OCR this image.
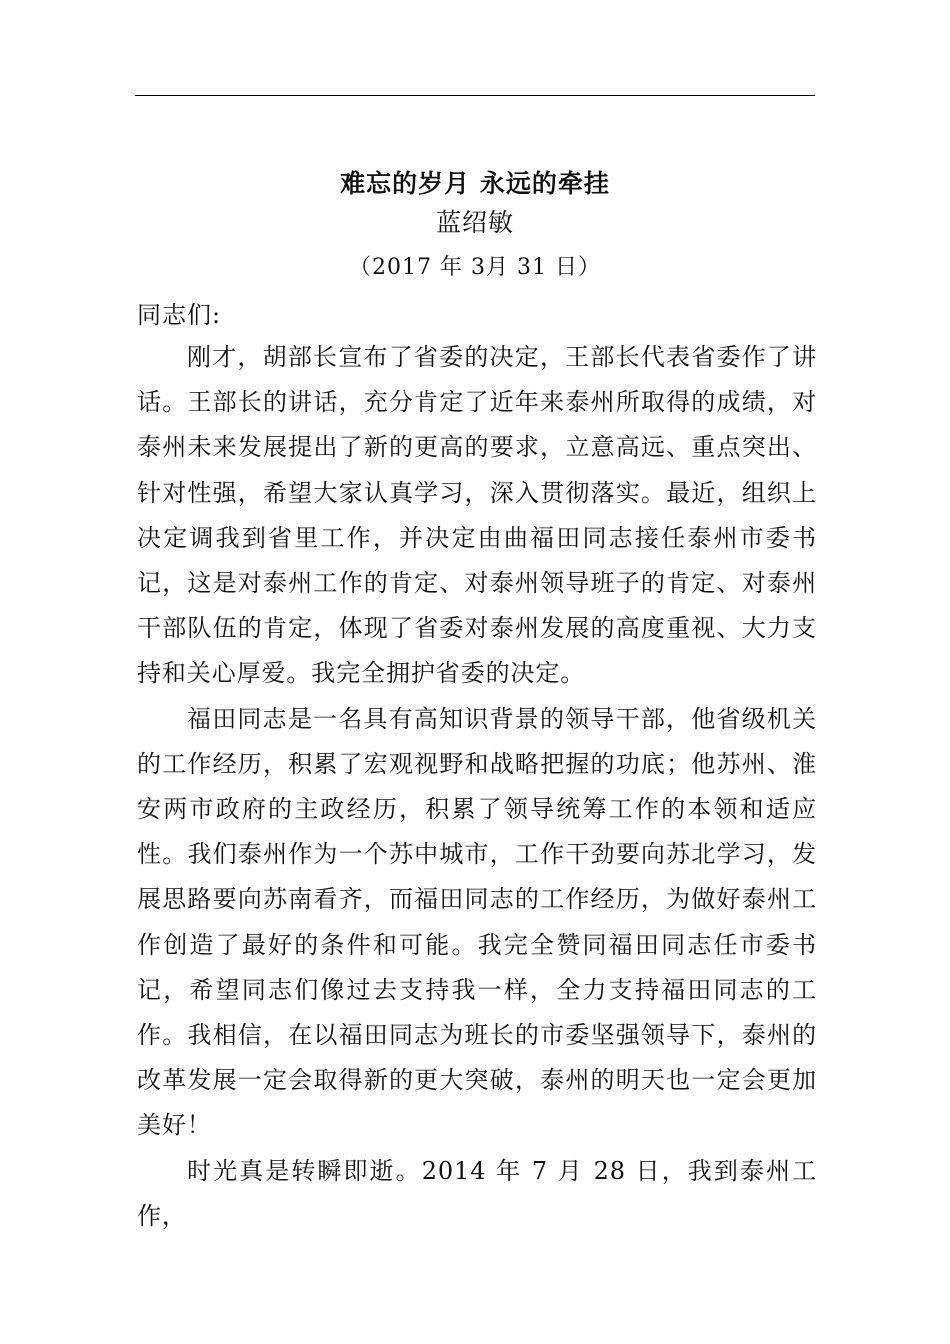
难忘的岁月 永远的牵挂
蓝绍敏
（2017 年 3月 31 日）
同志们:

刚才，胡部长宣布了省委的决定，王部长代表省委作了讲话。王部长的讲话，充分肯定了近年来泰州所取得的成绩，对泰州未来发展提出了新的更高的要求，立意高远、重点突出、针对性强，希望大家认真学习，深入贯彻落实。最近，组织上决定调我到省里工作，并决定由曲福田同志接任泰州市委书记，这是对泰州工作的肯定、对泰州领导班子的肯定、对泰州干部队伍的肯定，体现了省委对泰州发展的高度重视、大力支持和关心厚爱。我完全拥护省委的决定。

福田同志是一名具有高知识背景的领导干部，他省级机关的工作经历，积累了宏观视野和战略把握的功底；他苏州、淮安两市政府的主政经历，积累了领导统筹工作的本领和适应性。我们泰州作为一个苏中城市，工作干劲要向苏北学习，发展思路要向苏南看齐，而福田同志的工作经历，为做好泰州工作创造了最好的条件和可能。我完全赞同福田同志任市委书记，希望同志们像过去支持我一样，全力支持福田同志的工作。我相信，在以福田同志为班长的市委坚强领导下，泰州的改革发展一定会取得新的更大突破，泰州的明天也一定会更加美好！

时光真是转瞬即逝。2014 年 7 月 28 日，我到泰州工作，
